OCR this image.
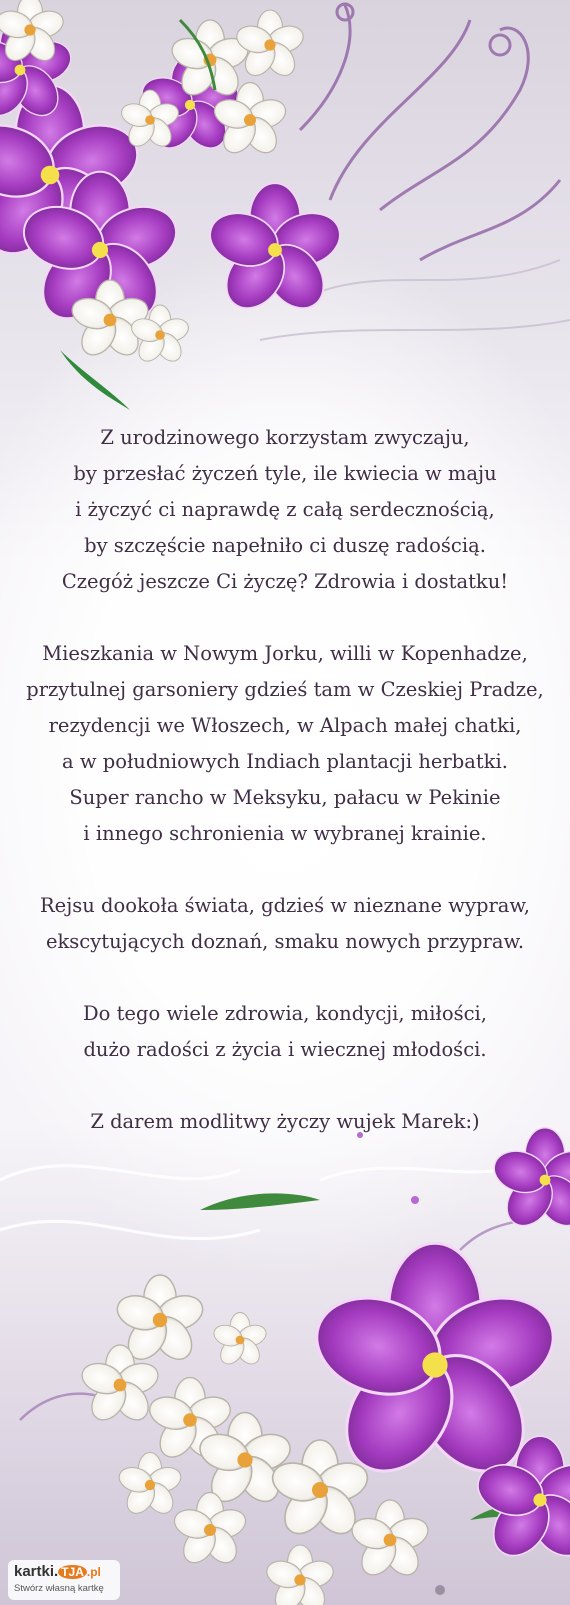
Z urodzinowego korzystam zwyczaju,
by przesłać życzeń tyle, ile kwiecia w maju
i życzyć ci naprawdę z całą serdecznością,
by szczęście napełniło ci duszę radością.
Czegóż jeszcze Ci życzę? Zdrowia i dostatku!
Mieszkania w Nowym Jorku, willi w Kopenhadze,
przytulnej garsoniery gdzieś tam w Czeskiej Pradze,
rezydencji we Włoszech, w Alpach małej chatki,
a w południowych Indiach plantacji herbatki.
Super rancho w Meksyku, pałacu w Pekinie
i innego schronienia w wybranej krainie.
Rejsu dookoła świata, gdzieś w nieznane wypraw,
ekscytujących doznań, smaku nowych przypraw.
Do tego wiele zdrowia, kondycji, miłości,
dużo radości z życia i wiecznej młodości.
Z darem modlitwy życzy wujek Marek:)
kartki. TJA .pl
Stwórz własną kartkę
